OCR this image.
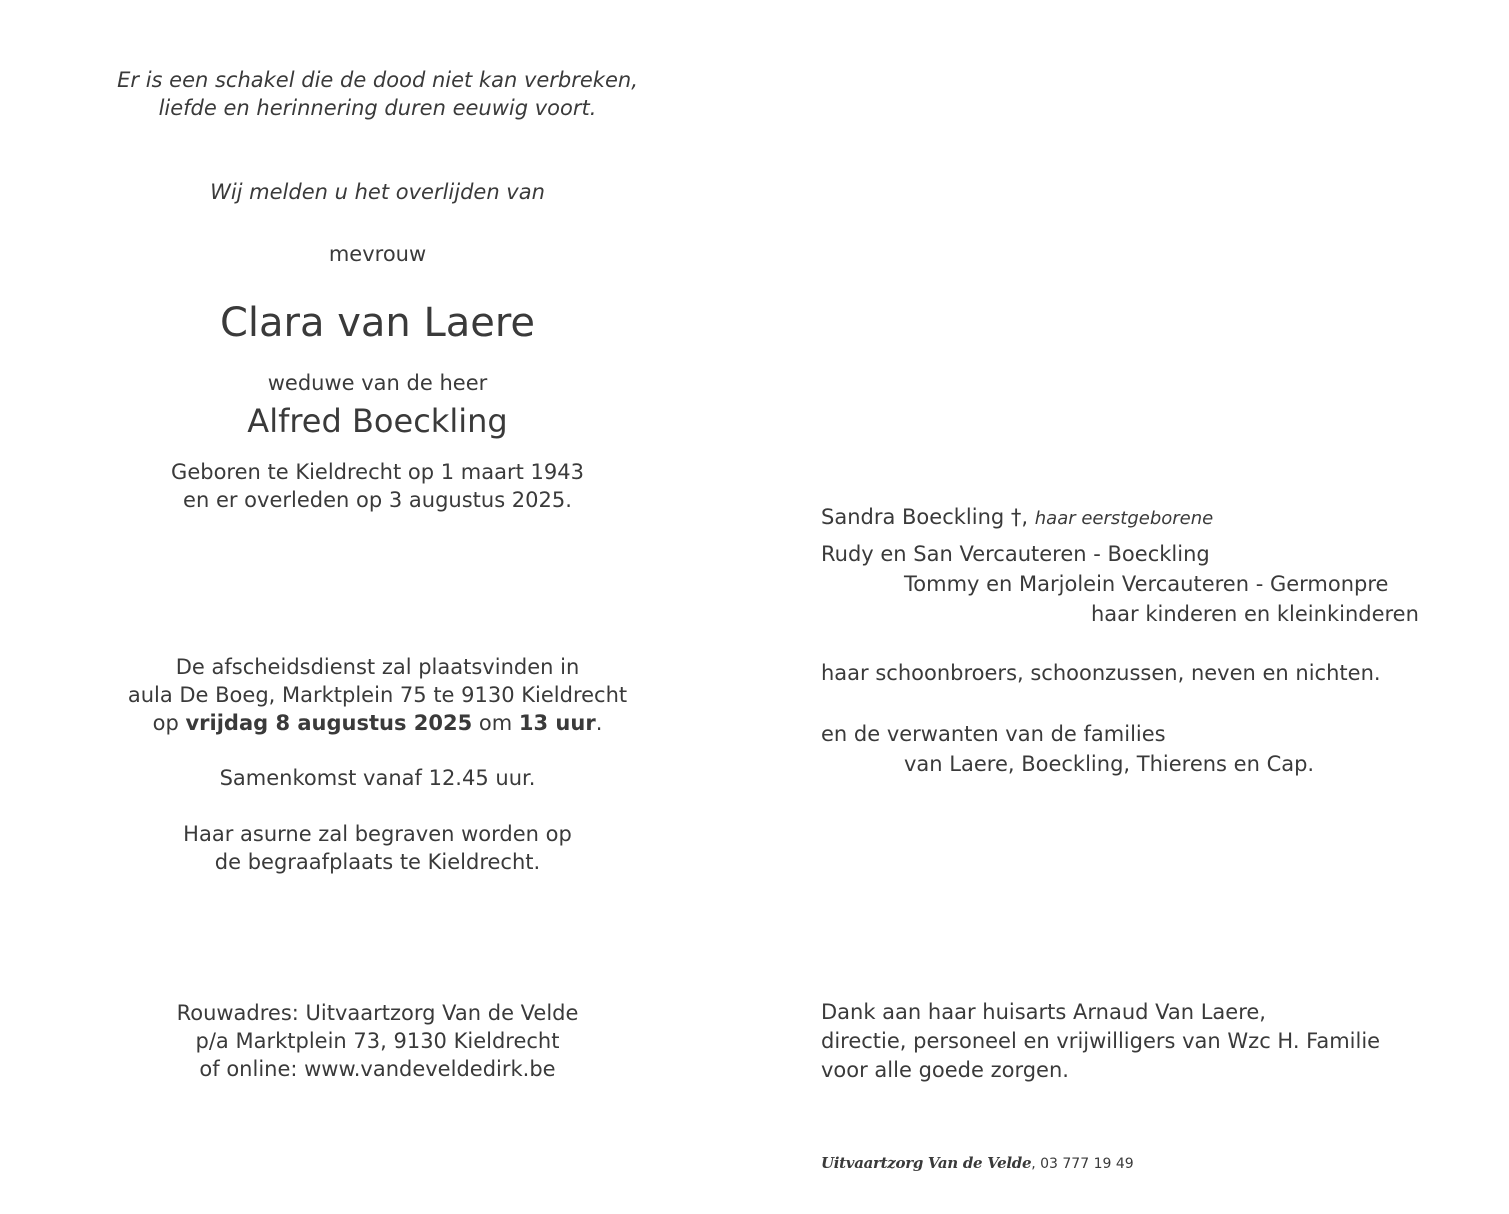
Er is een schakel die de dood niet kan verbreken,
liefde en herinnering duren eeuwig voort.
Wij melden u het overlijden van
mevrouw
Clara van Laere
weduwe van de heer
Alfred Boeckling
Geboren te Kieldrecht op 1 maart 1943
en er overleden op 3 augustus 2025.
De afscheidsdienst zal plaatsvinden in
aula De Boeg, Marktplein 75 te 9130 Kieldrecht
op vrijdag 8 augustus 2025 om 13 uur.
Samenkomst vanaf 12.45 uur.
Haar asurne zal begraven worden op
de begraafplaats te Kieldrecht.
Rouwadres: Uitvaartzorg Van de Velde
p/a Marktplein 73, 9130 Kieldrecht
of online: www.vandeveldedirk.be
Sandra Boeckling †, haar eerstgeborene
Rudy en San Vercauteren - Boeckling
Tommy en Marjolein Vercauteren - Germonpre
haar kinderen en kleinkinderen
haar schoonbroers, schoonzussen, neven en nichten.
en de verwanten van de families
van Laere, Boeckling, Thierens en Cap.
Dank aan haar huisarts Arnaud Van Laere,
directie, personeel en vrijwilligers van Wzc H. Familie
voor alle goede zorgen.
Uitvaartzorg Van de Velde, 03 777 19 49
